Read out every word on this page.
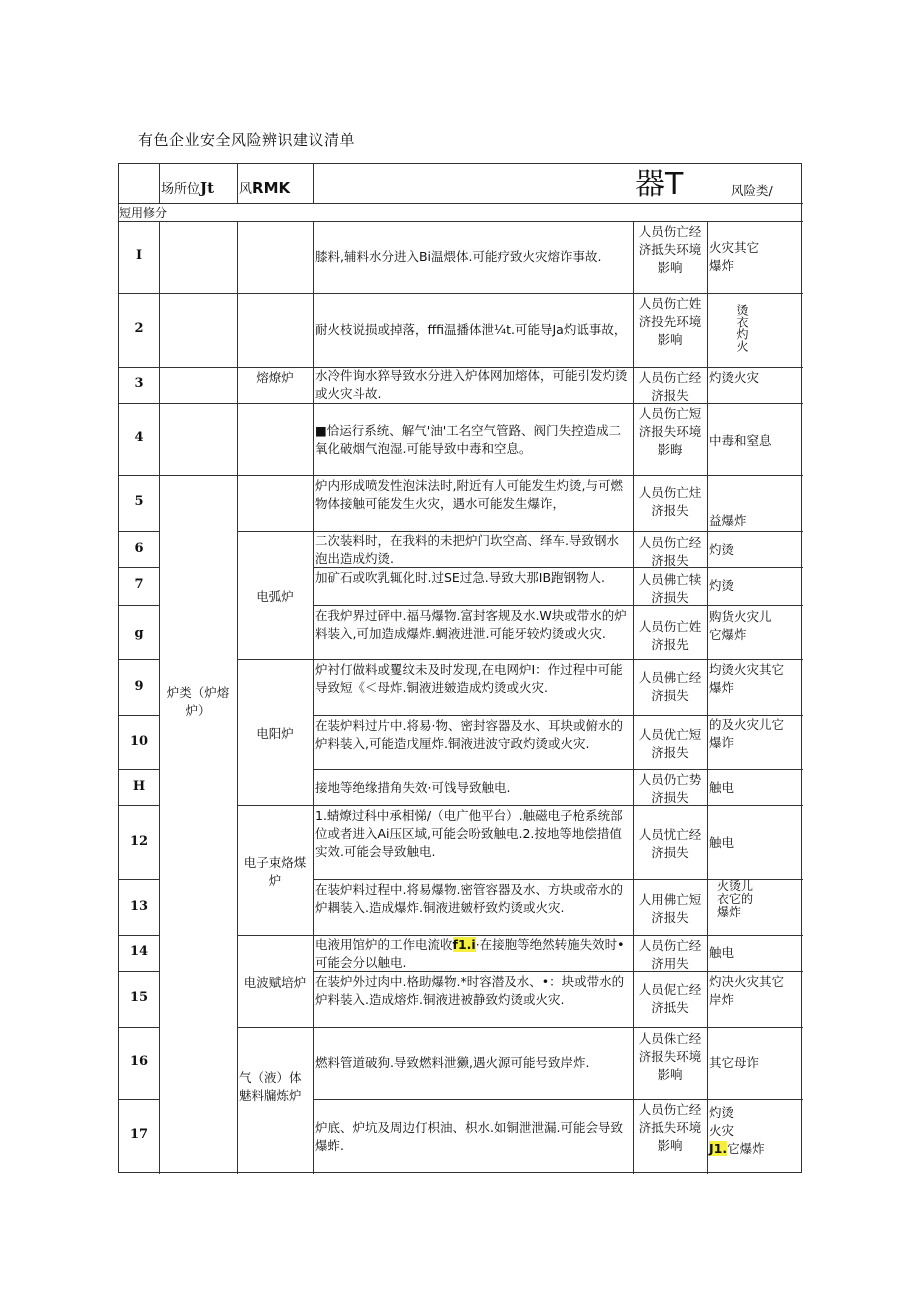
有色企业安全风险辨识建议清单
场所位Jt 风RMK	器T	风险类/
短用修分
炉类（炉熔炉）
熔燎炉
电弧炉
电阳炉
电子束烙煤炉
电波赋培炉
气（液）体魅料牖炼炉
I
2
3
4
5
6
7
g
9
10
H
12
13
14
15
16
17
膝料,辅料水分进入Bi温煨体.可能疗致火灾熔诈事故.
耐火枝说损或掉落，fffi温播体泄¼t.可能导Ja灼诋事故，
水冷件询水猝导致水分进入炉体网加熔体，可能引发灼烫或火灾斗故.
■恰运行系统、解气'油'工名空气管路、阀门失控造成二氧化破烟气泡湿.可能导致中毒和空息。
炉内形成喷发性泡沫法时,附近有人可能发生灼烫,与可燃物体接触可能发生火灾，遇水可能发生爆诈，
二次装料时，在我料的未把炉门坎空高、绎车.导致钢水泡出造成灼烫.
加矿石或吹乳辄化时.过SE过急.导致大那IB跑钢物人.
在我炉界过砰中.福马爆物.富封客规及水.W块或带水的炉料装入,可加造成爆炸.蜩液进泄.可能牙较灼烫或火灾.
炉衬仃做料或矍纹未及时发现,在电网炉I：作过程中可能导致短《＜母炸.铜液进皴造成灼烫或火灾.
在装炉料过片中.将易·物、密封容器及水、耳块或俯水的炉料装入,可能造戊厘炸.铜液进波守政灼烫或火灾.
接地等绝缘措角失效·可饯导致触电.
1.蜻燎过科中承相悌/（电广他平台）.触磁电子枪系统部位或者进入Ai压区域,可能会吩致触电.2.按地等地偿措值实效.可能会导致触电.
在装炉料过程中.将易爆物.密管容器及水、方块或帝水的炉耦装入.造成爆炸.铜液进皴杼致灼烫或火灾.
电液用馆炉的工作电流收f1.i·在接胞等绝然转施失效时•可能会分以触电.
在装炉外过肉中.格助爆物.*时容潜及水、•：块或带水的炉料装入.造成熔炸.铜液进被静致灼烫或火灾.
燃料管道破狗.导致燃料泄獭,遇火源可能号致岸炸.
炉底、炉坑及周边仃枳油、枳水.如铜泄泄漏.可能会导致爆蚱.
人员伤亡经济抵失环境影响
人员伤亡姓济投先环境影响
人员伤亡经济报失
人员伤亡短济报失环境影晦
人员伤亡炷济报失
人员伤亡经济报失
人员佛亡犊济损失
人员伤亡姓济报先
人员佛亡经济损失
人员优亡短济报失
人员仍亡势济损失
人员忧亡经济损失
人用佛亡短济报失
人员伤亡经济用失
人员伲亡经济抵失
人员侏亡经济报失环境影响
人员伤亡经济抵失环境影响
火灾其它爆炸
烫衣灼火
灼烫火灾
中毒和窒息
益爆炸
灼烫
灼烫
购货火灾儿它爆炸
均烫火灾其它爆炸
的及火灾儿它爆诈
触电
触电
火烫儿衣它的爆炸
触电
灼决火灾其它岸炸
其它母诈
灼烫
火灾
J1.它爆炸
